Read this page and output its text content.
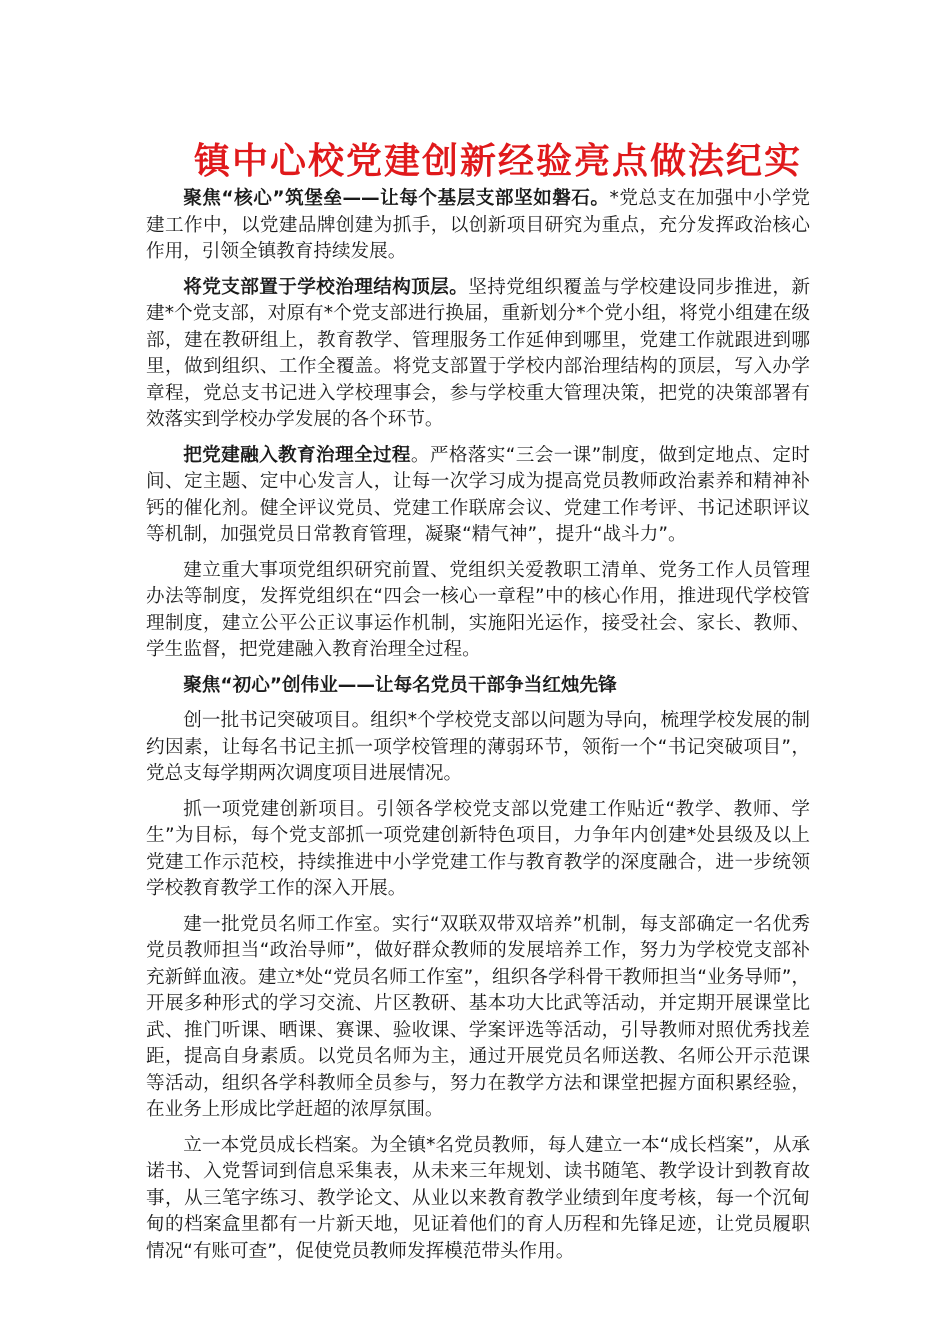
镇中心校党建创新经验亮点做法纪实

聚焦“核心”筑堡垒——让每个基层支部坚如磐石。*党总支在加强中小学党建工作中，以党建品牌创建为抓手，以创新项目研究为重点，充分发挥政治核心作用，引领全镇教育持续发展。

将党支部置于学校治理结构顶层。坚持党组织覆盖与学校建设同步推进，新建*个党支部，对原有*个党支部进行换届，重新划分*个党小组，将党小组建在级部，建在教研组上，教育教学、管理服务工作延伸到哪里，党建工作就跟进到哪里，做到组织、工作全覆盖。将党支部置于学校内部治理结构的顶层，写入办学章程，党总支书记进入学校理事会，参与学校重大管理决策，把党的决策部署有效落实到学校办学发展的各个环节。

把党建融入教育治理全过程。严格落实“三会一课”制度，做到定地点、定时间、定主题、定中心发言人，让每一次学习成为提高党员教师政治素养和精神补钙的催化剂。健全评议党员、党建工作联席会议、党建工作考评、书记述职评议等机制，加强党员日常教育管理，凝聚“精气神”，提升“战斗力”。

建立重大事项党组织研究前置、党组织关爱教职工清单、党务工作人员管理办法等制度，发挥党组织在“四会一核心一章程”中的核心作用，推进现代学校管理制度，建立公平公正议事运作机制，实施阳光运作，接受社会、家长、教师、学生监督，把党建融入教育治理全过程。

聚焦“初心”创伟业——让每名党员干部争当红烛先锋

创一批书记突破项目。组织*个学校党支部以问题为导向，梳理学校发展的制约因素，让每名书记主抓一项学校管理的薄弱环节，领衔一个“书记突破项目”，党总支每学期两次调度项目进展情况。

抓一项党建创新项目。引领各学校党支部以党建工作贴近“教学、教师、学生”为目标，每个党支部抓一项党建创新特色项目，力争年内创建*处县级及以上党建工作示范校，持续推进中小学党建工作与教育教学的深度融合，进一步统领学校教育教学工作的深入开展。

建一批党员名师工作室。实行“双联双带双培养”机制，每支部确定一名优秀党员教师担当“政治导师”，做好群众教师的发展培养工作，努力为学校党支部补充新鲜血液。建立*处“党员名师工作室”，组织各学科骨干教师担当“业务导师”，开展多种形式的学习交流、片区教研、基本功大比武等活动，并定期开展课堂比武、推门听课、晒课、赛课、验收课、学案评选等活动，引导教师对照优秀找差距，提高自身素质。以党员名师为主，通过开展党员名师送教、名师公开示范课等活动，组织各学科教师全员参与，努力在教学方法和课堂把握方面积累经验，在业务上形成比学赶超的浓厚氛围。

立一本党员成长档案。为全镇*名党员教师，每人建立一本“成长档案”，从承诺书、入党誓词到信息采集表，从未来三年规划、读书随笔、教学设计到教育故事，从三笔字练习、教学论文、从业以来教育教学业绩到年度考核，每一个沉甸甸的档案盒里都有一片新天地，见证着他们的育人历程和先锋足迹，让党员履职情况“有账可查”，促使党员教师发挥模范带头作用。
